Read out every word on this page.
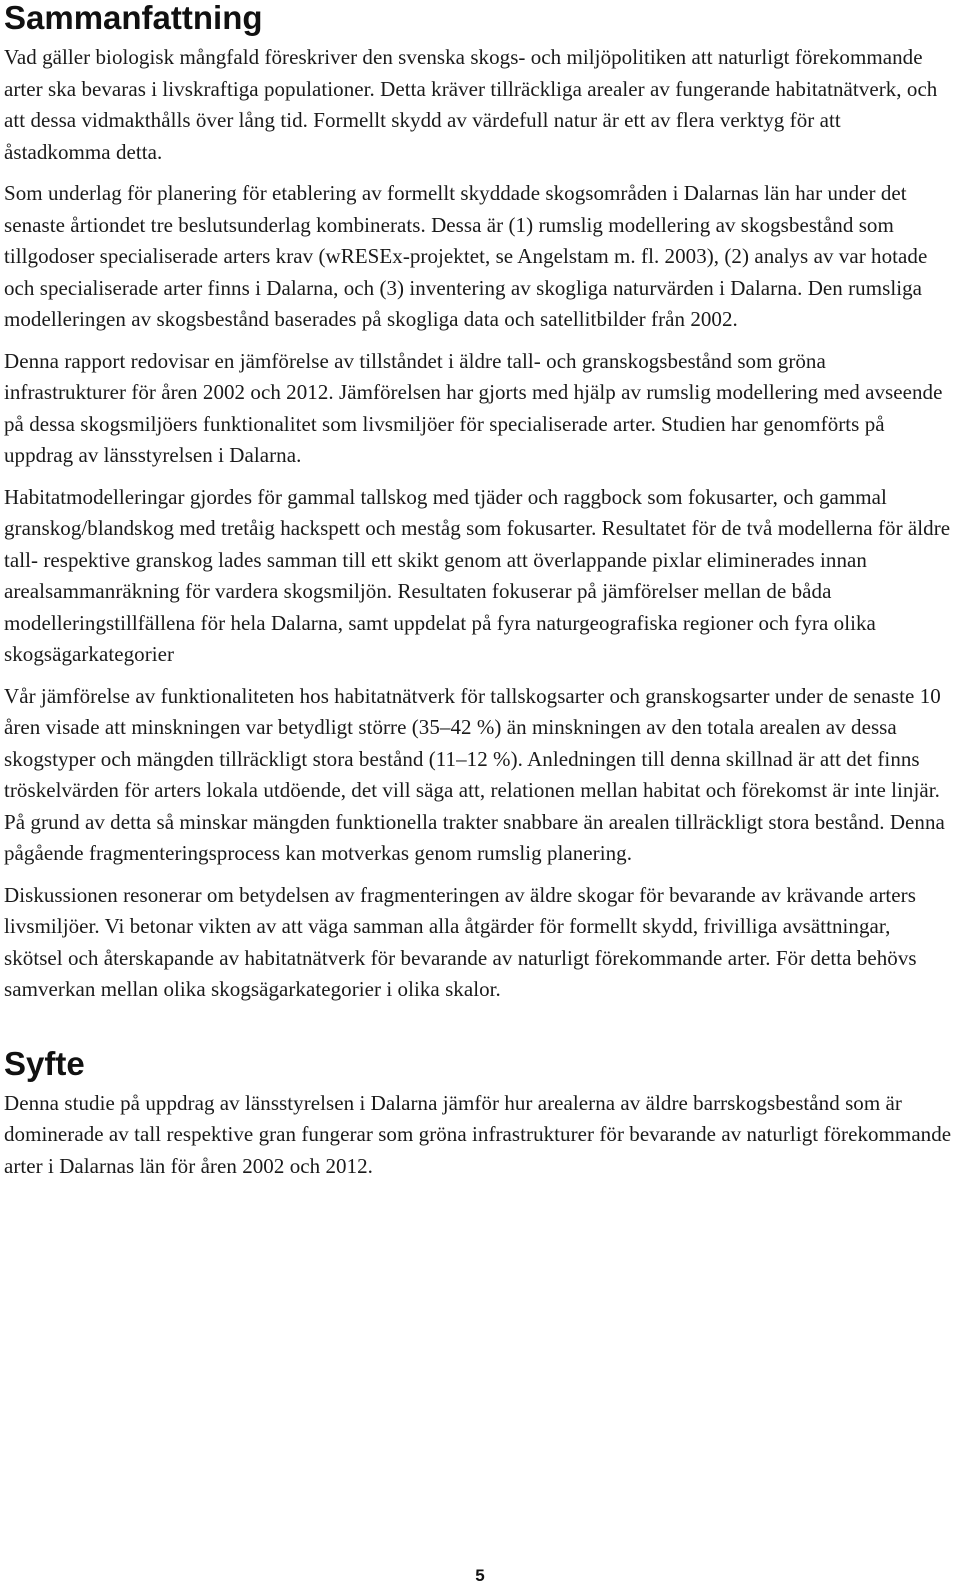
Sammanfattning

Vad gäller biologisk mångfald föreskriver den svenska skogs- och miljöpolitiken att naturligt förekommande arter ska bevaras i livskraftiga populationer. Detta kräver tillräckliga arealer av fungerande habitatnätverk, och att dessa vidmakthålls över lång tid. Formellt skydd av värdefull natur är ett av flera verktyg för att åstadkomma detta.

Som underlag för planering för etablering av formellt skyddade skogsområden i Dalarnas län har under det senaste årtiondet tre beslutsunderlag kombinerats. Dessa är (1) rumslig modellering av skogsbestånd som tillgodoser specialiserade arters krav (wRESEx-projektet, se Angelstam m. fl. 2003), (2) analys av var hotade och specialiserade arter finns i Dalarna, och (3) inventering av skogliga naturvärden i Dalarna. Den rumsliga modelleringen av skogsbestånd baserades på skogliga data och satellitbilder från 2002.

Denna rapport redovisar en jämförelse av tillståndet i äldre tall- och granskogsbestånd som gröna infrastrukturer för åren 2002 och 2012. Jämförelsen har gjorts med hjälp av rumslig modellering med avseende på dessa skogsmiljöers funktionalitet som livsmiljöer för specialiserade arter. Studien har genomförts på uppdrag av länsstyrelsen i Dalarna.

Habitatmodelleringar gjordes för gammal tallskog med tjäder och raggbock som fokusarter, och gammal granskog/blandskog med tretåig hackspett och meståg som fokusarter. Resultatet för de två modellerna för äldre tall- respektive granskog lades samman till ett skikt genom att överlappande pixlar eliminerades innan arealsammanräkning för vardera skogsmiljön. Resultaten fokuserar på jämförelser mellan de båda modelleringstillfällena för hela Dalarna, samt uppdelat på fyra naturgeografiska regioner och fyra olika skogsägarkategorier

Vår jämförelse av funktionaliteten hos habitatnätverk för tallskogsarter och granskogsarter under de senaste 10 åren visade att minskningen var betydligt större (35–42 %) än minskningen av den totala arealen av dessa skogstyper och mängden tillräckligt stora bestånd (11–12 %). Anledningen till denna skillnad är att det finns tröskelvärden för arters lokala utdöende, det vill säga att, relationen mellan habitat och förekomst är inte linjär. På grund av detta så minskar mängden funktionella trakter snabbare än arealen tillräckligt stora bestånd. Denna pågående fragmenteringsprocess kan motverkas genom rumslig planering.

Diskussionen resonerar om betydelsen av fragmenteringen av äldre skogar för bevarande av krävande arters livsmiljöer. Vi betonar vikten av att väga samman alla åtgärder för formellt skydd, frivilliga avsättningar, skötsel och återskapande av habitatnätverk för bevarande av naturligt förekommande arter. För detta behövs samverkan mellan olika skogsägarkategorier i olika skalor.

Syfte

Denna studie på uppdrag av länsstyrelsen i Dalarna jämför hur arealerna av äldre barrskogsbestånd som är dominerade av tall respektive gran fungerar som gröna infrastrukturer för bevarande av naturligt förekommande arter i Dalarnas län för åren 2002 och 2012.

5
